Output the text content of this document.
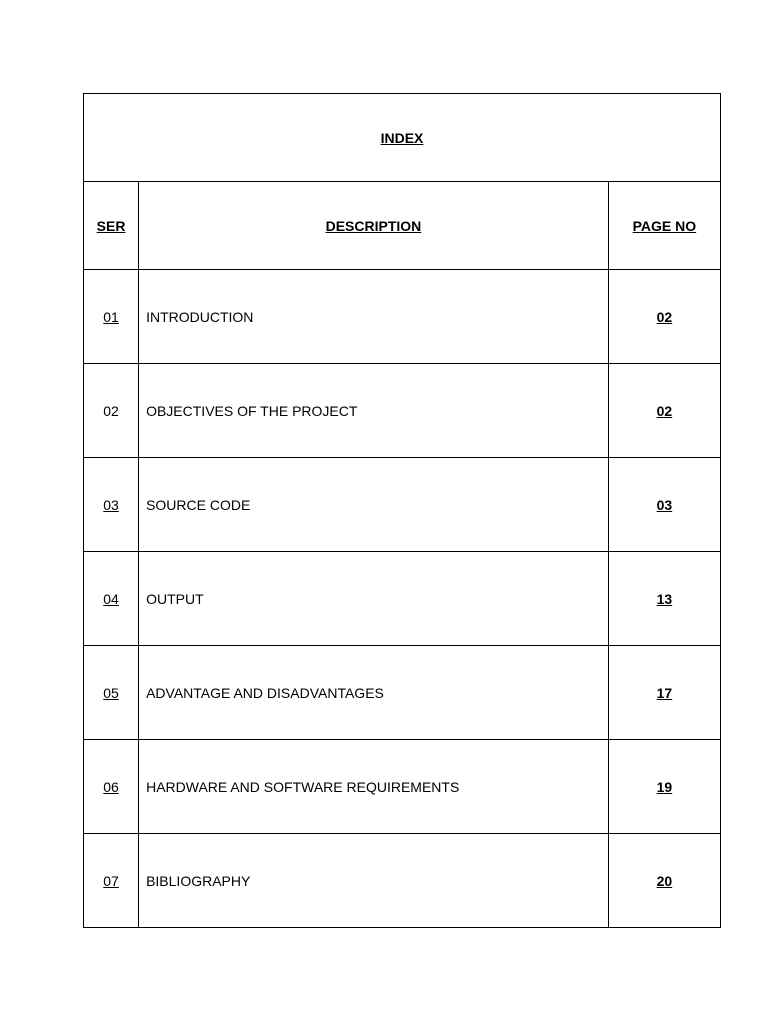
INDEX		
SER	DESCRIPTION	PAGE NO
01	INTRODUCTION	02
02	OBJECTIVES OF THE PROJECT	02
03	SOURCE CODE	03
04	OUTPUT	13
05	ADVANTAGE AND DISADVANTAGES	17
06	HARDWARE AND SOFTWARE REQUIREMENTS	19
07	BIBLIOGRAPHY	20
